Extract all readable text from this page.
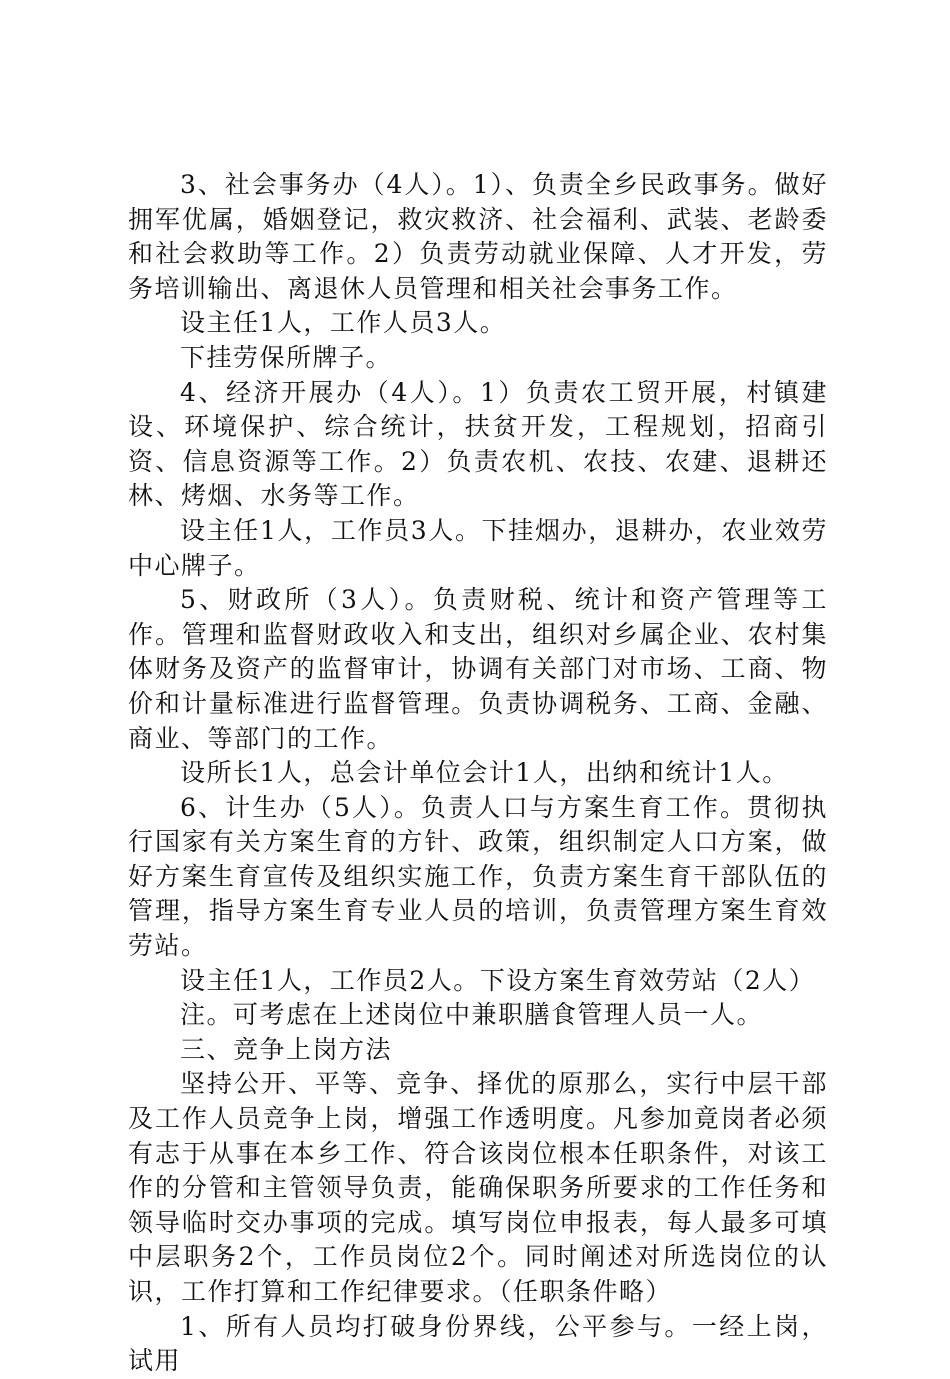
3、社会事务办（4人）。1）、负责全乡民政事务。做好拥军优属，婚姻登记，救灾救济、社会福利、武装、老龄委和社会救助等工作。2）负责劳动就业保障、人才开发，劳务培训输出、离退休人员管理和相关社会事务工作。

设主任1人，工作人员3人。

下挂劳保所牌子。

4、经济开展办（4人）。1）负责农工贸开展，村镇建设、环境保护、综合统计，扶贫开发，工程规划，招商引资、信息资源等工作。2）负责农机、农技、农建、退耕还林、烤烟、水务等工作。

设主任1人，工作员3人。下挂烟办，退耕办，农业效劳中心牌子。

5、财政所（3人）。负责财税、统计和资产管理等工作。管理和监督财政收入和支出，组织对乡属企业、农村集体财务及资产的监督审计，协调有关部门对市场、工商、物价和计量标准进行监督管理。负责协调税务、工商、金融、商业、等部门的工作。

设所长1人，总会计单位会计1人，出纳和统计1人。

6、计生办（5人）。负责人口与方案生育工作。贯彻执行国家有关方案生育的方针、政策，组织制定人口方案，做好方案生育宣传及组织实施工作，负责方案生育干部队伍的管理，指导方案生育专业人员的培训，负责管理方案生育效劳站。

设主任1人，工作员2人。下设方案生育效劳站（2人）

注。可考虑在上述岗位中兼职膳食管理人员一人。

三、竞争上岗方法

坚持公开、平等、竞争、择优的原那么，实行中层干部及工作人员竞争上岗，增强工作透明度。凡参加竟岗者必须有志于从事在本乡工作、符合该岗位根本任职条件，对该工作的分管和主管领导负责，能确保职务所要求的工作任务和领导临时交办事项的完成。填写岗位申报表，每人最多可填中层职务2个，工作员岗位2个。同时阐述对所选岗位的认识，工作打算和工作纪律要求。（任职条件略）

1、所有人员均打破身份界线，公平参与。一经上岗，试用
